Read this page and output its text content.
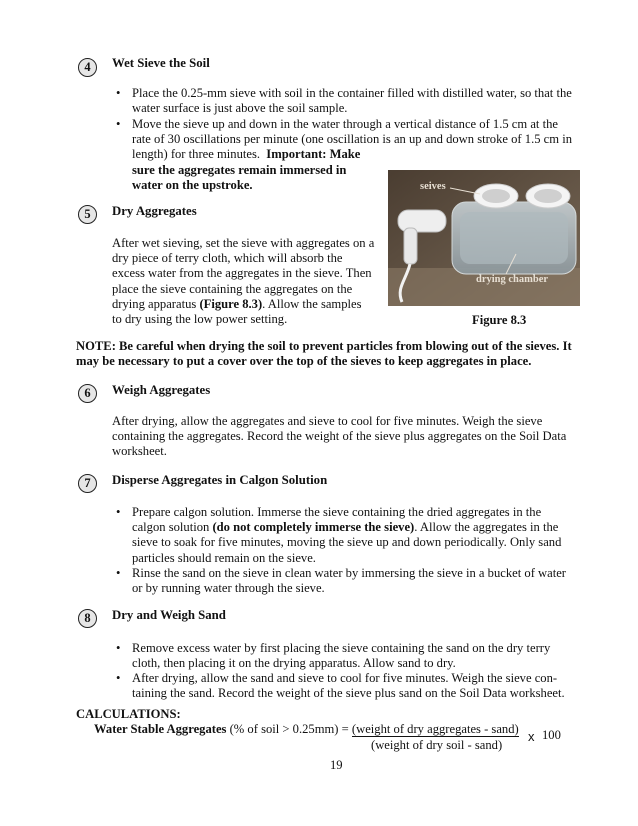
4	Wet Sieve the Soil
• Place the 0.25-mm sieve with soil in the container filled with distilled water, so that the
water surface is just above the soil sample.
• Move the sieve up and down in the water through a vertical distance of 1.5 cm at the
rate of 30 oscillations per minute (one oscillation is an up and down stroke of 1.5 cm in
length) for three minutes. Important: Make
sure the aggregates remain immersed in
water on the upstroke.
5	Dry Aggregates
After wet sieving, set the sieve with aggregates on a
dry piece of terry cloth, which will absorb the
excess water from the aggregates in the sieve. Then
place the sieve containing the aggregates on the
drying apparatus (Figure 8.3). Allow the samples
to dry using the low power setting.
seives
drying chamber
Figure 8.3
NOTE: Be careful when drying the soil to prevent particles from blowing out of the sieves. It
may be necessary to put a cover over the top of the sieves to keep aggregates in place.
6	Weigh Aggregates
After drying, allow the aggregates and sieve to cool for five minutes. Weigh the sieve
containing the aggregates. Record the weight of the sieve plus aggregates on the Soil Data
worksheet.
7	Disperse Aggregates in Calgon Solution
• Prepare calgon solution. Immerse the sieve containing the dried aggregates in the
calgon solution (do not completely immerse the sieve). Allow the aggregates in the
sieve to soak for five minutes, moving the sieve up and down periodically. Only sand
particles should remain on the sieve.
• Rinse the sand on the sieve in clean water by immersing the sieve in a bucket of water
or by running water through the sieve.
8	Dry and Weigh Sand
• Remove excess water by first placing the sieve containing the sand on the dry terry
cloth, then placing it on the drying apparatus. Allow sand to dry.
• After drying, allow the sand and sieve to cool for five minutes. Weigh the sieve con-
taining the sand. Record the weight of the sieve plus sand on the Soil Data worksheet.
CALCULATIONS:
Water Stable Aggregates (% of soil > 0.25mm) = (weight of dry aggregates - sand) x 100
(weight of dry soil - sand)
19
